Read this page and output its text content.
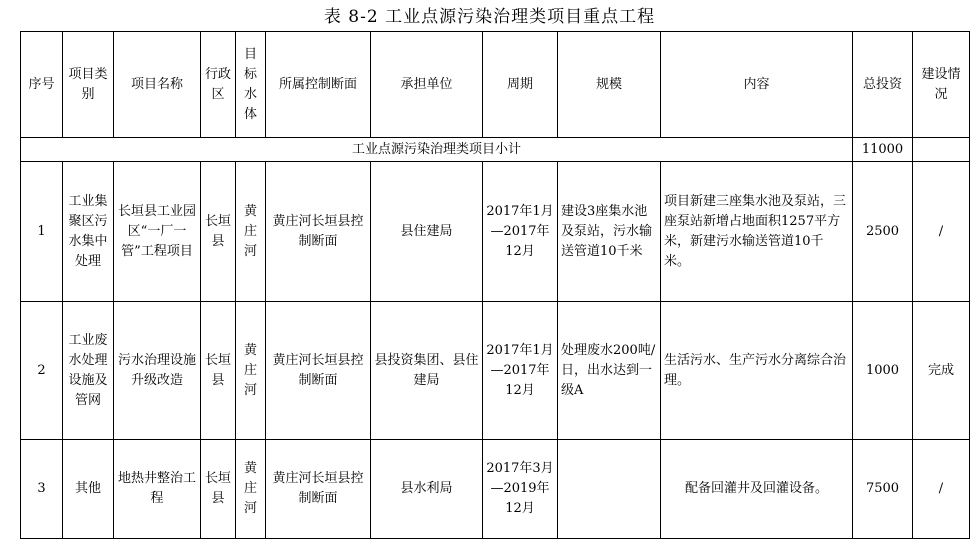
表 8-2 工业点源污染治理类项目重点工程
序号	项目类别	项目名称	行政区	目标水体	所属控制断面	承担单位	周期	规模	内容	总投资	建设情况
工业点源污染治理类项目小计										11000	
1	工业集聚区污水集中处理	长垣县工业园区“一厂一管”工程项目	长垣县	黄庄河	黄庄河长垣县控制断面	县住建局	2017年1月—2017年12月	建设3座集水池及泵站，污水输送管道10千米	项目新建三座集水池及泵站，三座泵站新增占地面积1257平方米，新建污水输送管道10千米。	2500	/
2	工业废水处理设施及管网	污水治理设施升级改造	长垣县	黄庄河	黄庄河长垣县控制断面	县投资集团、县住建局	2017年1月—2017年12月	处理废水200吨/日，出水达到一级A	生活污水、生产污水分离综合治理。	1000	完成
3	其他	地热井整治工程	长垣县	黄庄河	黄庄河长垣县控制断面	县水利局	2017年3月—2019年12月		配备回灌井及回灌设备。	7500	/
